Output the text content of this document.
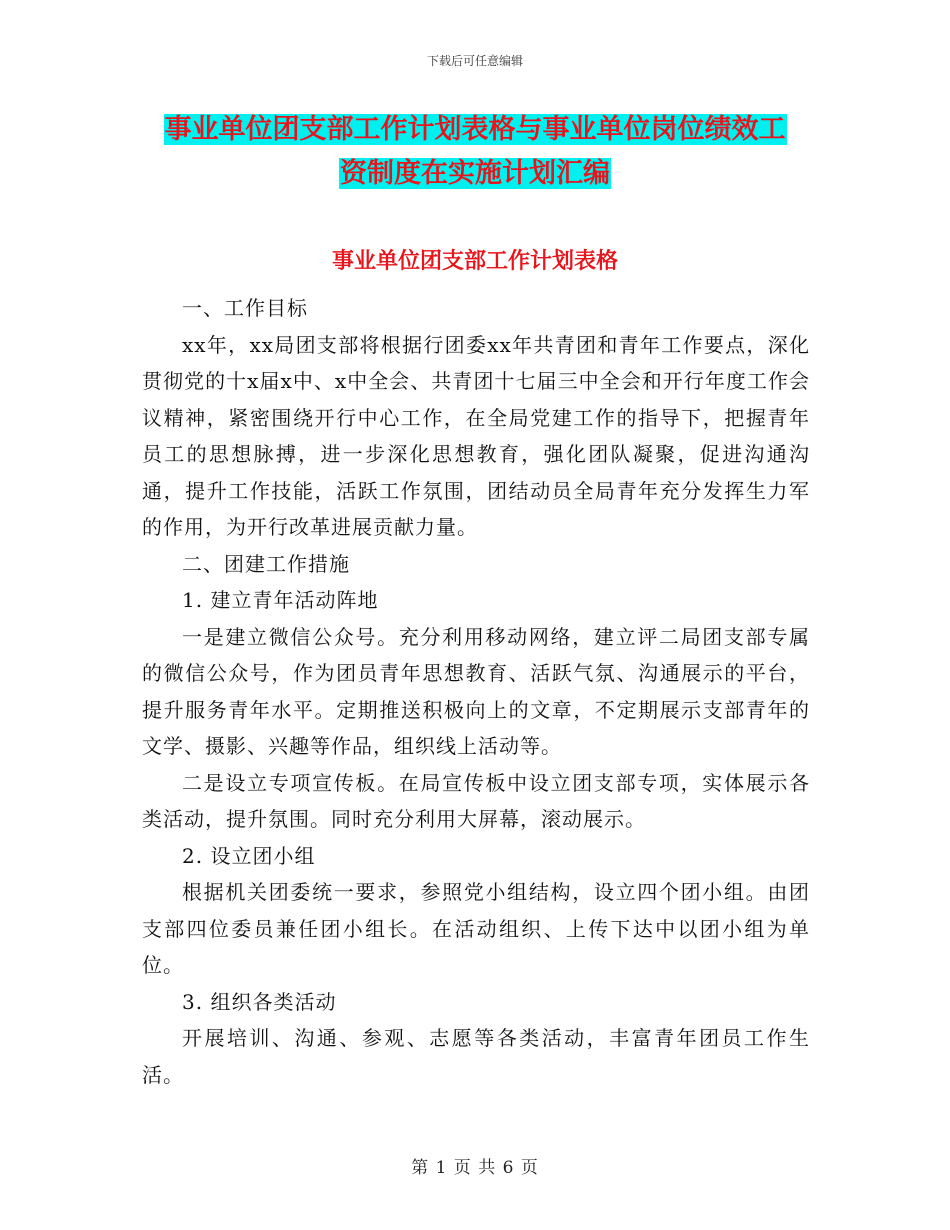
下载后可任意编辑
事业单位团支部工作计划表格与事业单位岗位绩效工
资制度在实施计划汇编
事业单位团支部工作计划表格

一、工作目标

xx年，xx局团支部将根据行团委xx年共青团和青年工作要点，深化贯彻党的十x届x中、x中全会、共青团十七届三中全会和开行年度工作会议精神，紧密围绕开行中心工作，在全局党建工作的指导下，把握青年员工的思想脉搏，进一步深化思想教育，强化团队凝聚，促进沟通沟通，提升工作技能，活跃工作氛围，团结动员全局青年充分发挥生力军的作用，为开行改革进展贡献力量。

二、团建工作措施

1. 建立青年活动阵地

一是建立微信公众号。充分利用移动网络，建立评二局团支部专属的微信公众号，作为团员青年思想教育、活跃气氛、沟通展示的平台，提升服务青年水平。定期推送积极向上的文章，不定期展示支部青年的文学、摄影、兴趣等作品，组织线上活动等。

二是设立专项宣传板。在局宣传板中设立团支部专项，实体展示各类活动，提升氛围。同时充分利用大屏幕，滚动展示。

2. 设立团小组

根据机关团委统一要求，参照党小组结构，设立四个团小组。由团支部四位委员兼任团小组长。在活动组织、上传下达中以团小组为单位。

3. 组织各类活动

开展培训、沟通、参观、志愿等各类活动，丰富青年团员工作生活。

第 1 页 共 6 页
